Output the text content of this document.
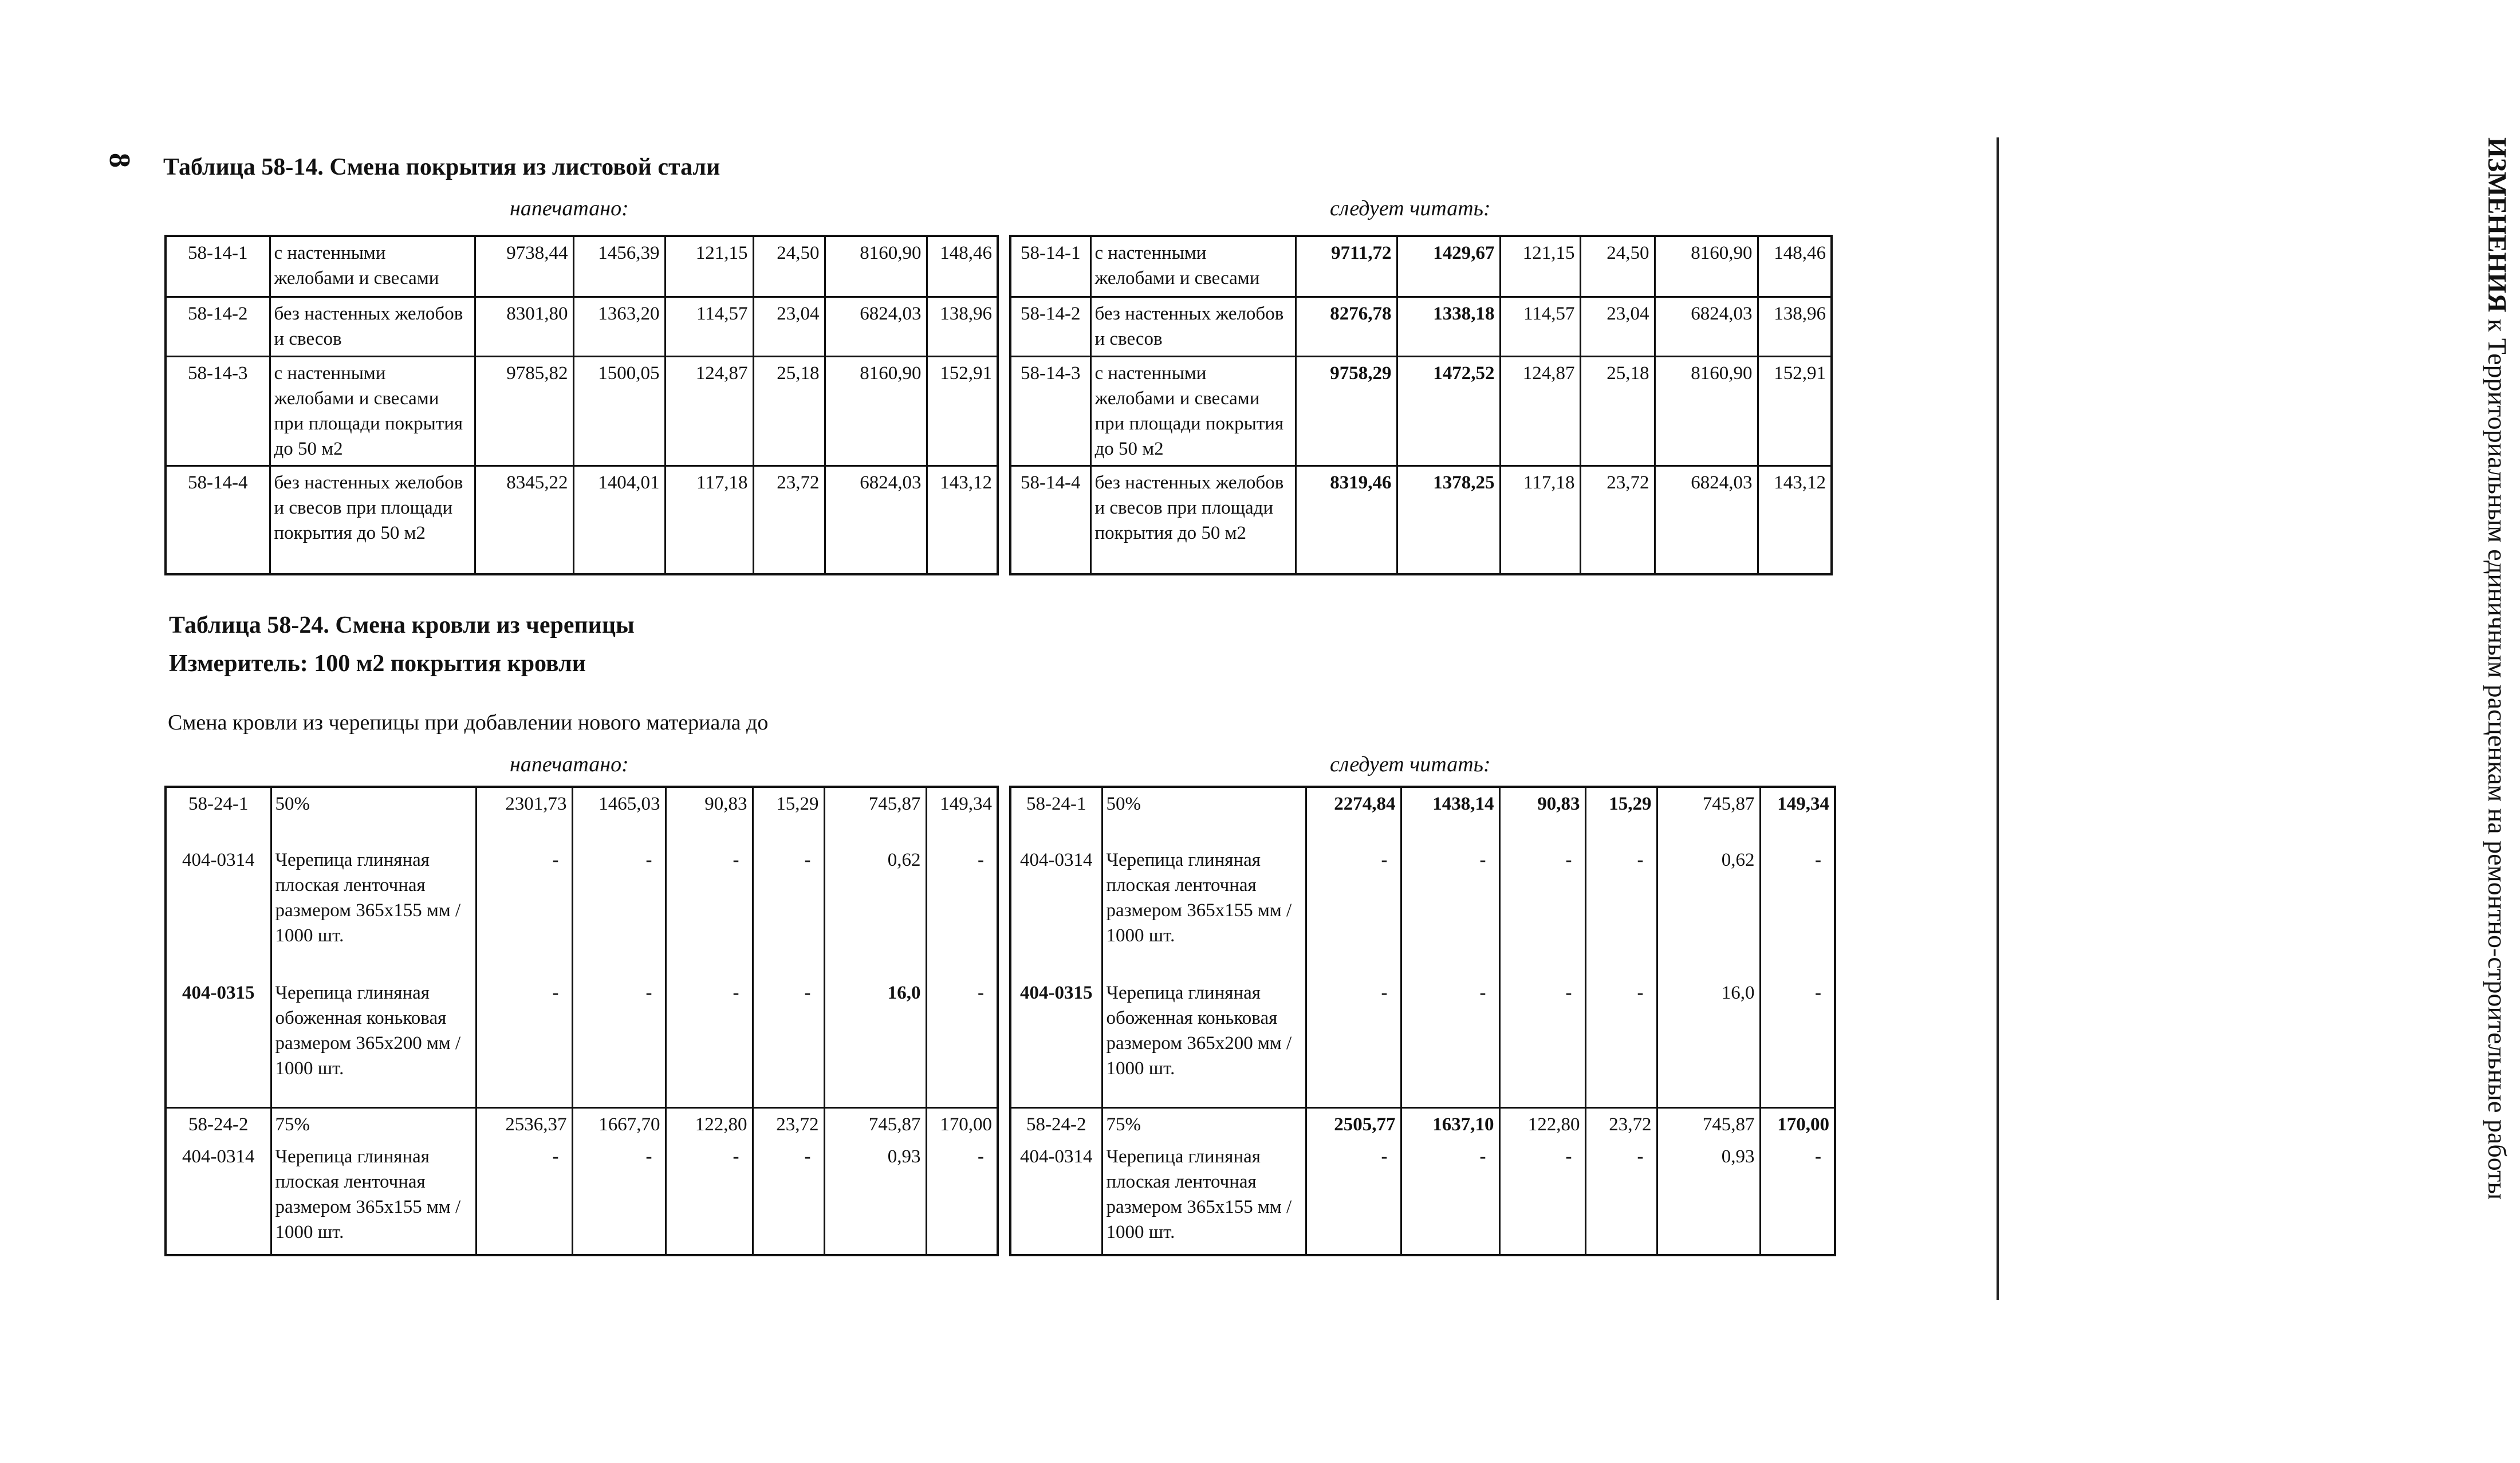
8	ИЗМЕНЕНИЯ к Территориальным единичным расценкам на ремонтно-строительные работы
Таблица 58-14. Смена покрытия из листовой стали
напечатано:	следует читать:
58-14-1	с настенными желобами и свесами	9738,44	1456,39	121,15	24,50	8160,90	148,46
58-14-2	без настенных желобов и свесов	8301,80	1363,20	114,57	23,04	6824,03	138,96
58-14-3	с настенными желобами и свесами при площади покрытия до 50 м2	9785,82	1500,05	124,87	25,18	8160,90	152,91
58-14-4	без настенных желобов и свесов при площади покрытия до 50 м2	8345,22	1404,01	117,18	23,72	6824,03	143,12
58-14-1	с настенными желобами и свесами	9711,72	1429,67	121,15	24,50	8160,90	148,46
58-14-2	без настенных желобов и свесов	8276,78	1338,18	114,57	23,04	6824,03	138,96
58-14-3	с настенными желобами и свесами при площади покрытия до 50 м2	9758,29	1472,52	124,87	25,18	8160,90	152,91
58-14-4	без настенных желобов и свесов при площади покрытия до 50 м2	8319,46	1378,25	117,18	23,72	6824,03	143,12
Таблица 58-24. Смена кровли из черепицы
Измеритель: 100 м2 покрытия кровли
Смена кровли из черепицы при добавлении нового материала до
напечатано:	следует читать:
58-24-1	50%	2301,73	1465,03	90,83	15,29	745,87	149,34
404-0314	Черепица глиняная плоская ленточная размером 365х155 мм / 1000 шт.	-	-	-	-	0,62	-
404-0315	Черепица глиняная обоженная коньковая размером 365х200 мм / 1000 шт.	-	-	-	-	16,0	-
58-24-2	75%	2536,37	1667,70	122,80	23,72	745,87	170,00
404-0314	Черепица глиняная плоская ленточная размером 365х155 мм / 1000 шт.	-	-	-	-	0,93	-
58-24-1	50%	2274,84	1438,14	90,83	15,29	745,87	149,34
404-0314	Черепица глиняная плоская ленточная размером 365х155 мм / 1000 шт.	-	-	-	-	0,62	-
404-0315	Черепица глиняная обоженная коньковая размером 365х200 мм / 1000 шт.	-	-	-	-	16,0	-
58-24-2	75%	2505,77	1637,10	122,80	23,72	745,87	170,00
404-0314	Черепица глиняная плоская ленточная размером 365х155 мм / 1000 шт.	-	-	-	-	0,93	-
